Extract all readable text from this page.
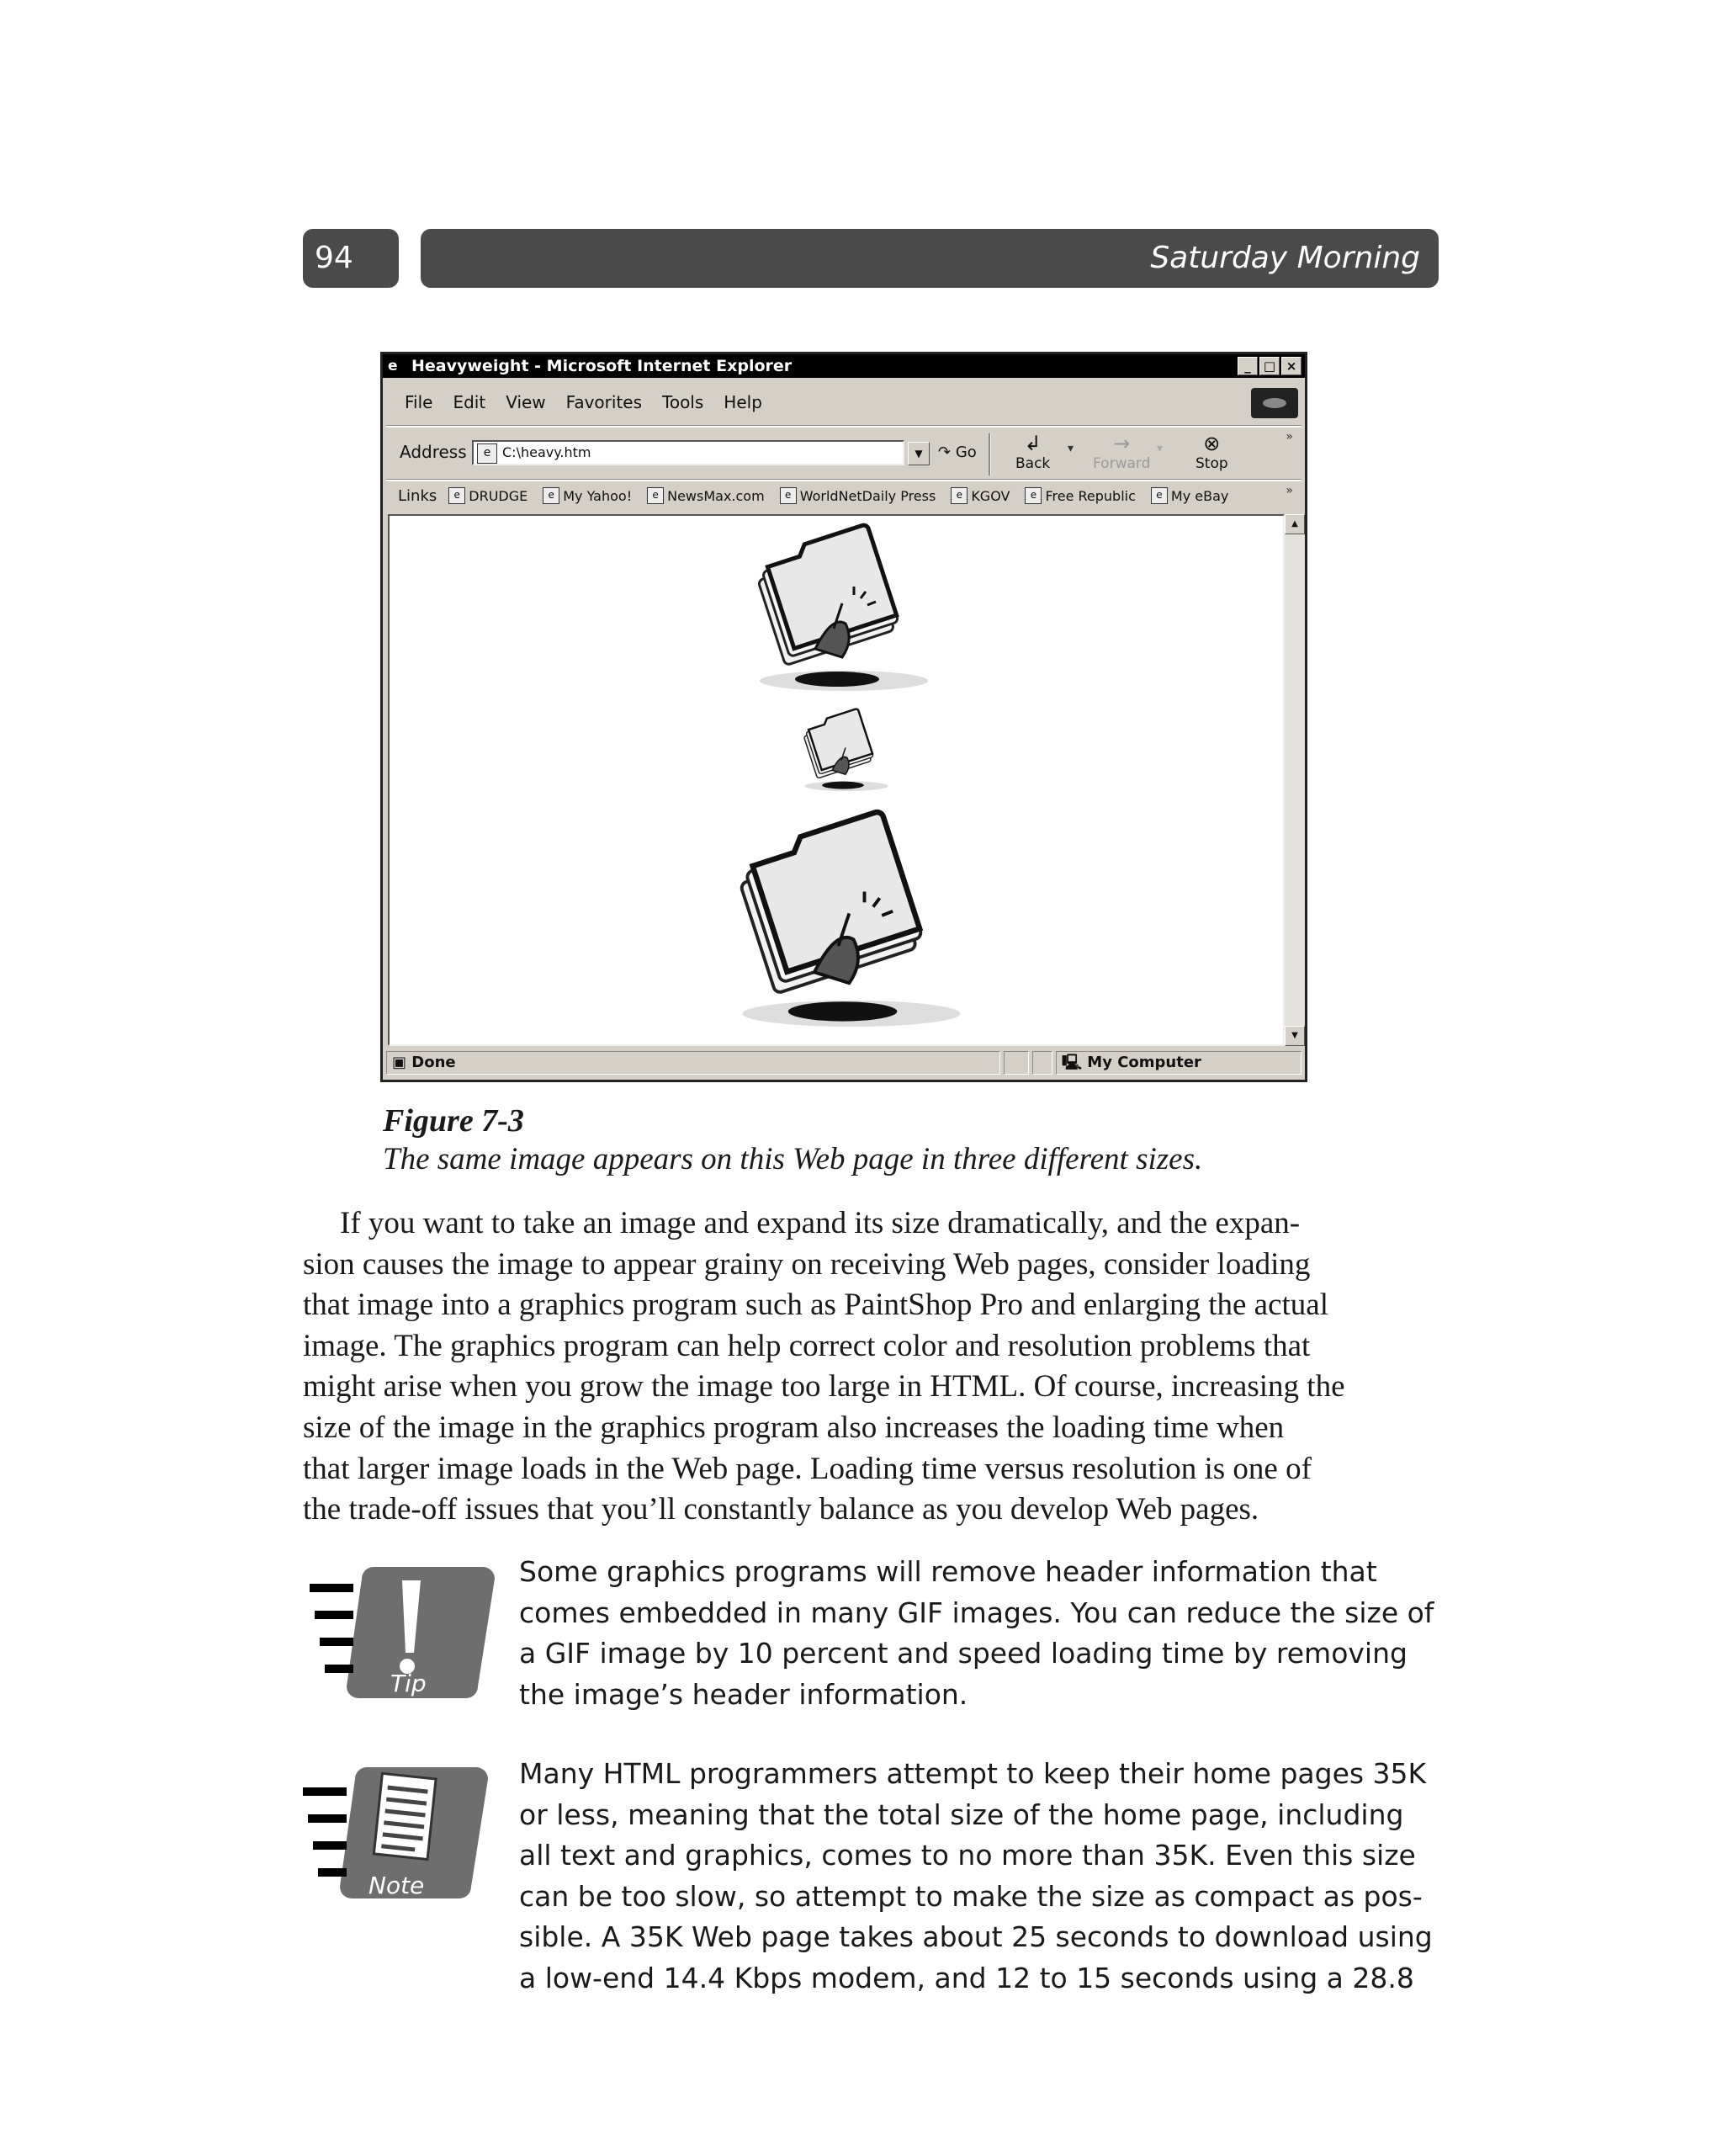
94	Saturday Morning
e Heavyweight - Microsoft Internet Explorer	_	□ ×
File Edit View Favorites Tools Help
Address	e C:\heavy.htm	▼	↷ Go	↲
Back
▾	→
Forward
▾	⊗
Stop
»
Links	e DRUDGE	e My Yahoo!	e NewsMax.com	e WorldNetDaily Press	e KGOV	e Free Republic	e My eBay	»
▲
▼
▣ Done	🖳 My Computer
Figure 7-3
The same image appears on this Web page in three different sizes.

If you want to take an image and expand its size dramatically, and the expan-
sion causes the image to appear grainy on receiving Web pages, consider loading
that image into a graphics program such as PaintShop Pro and enlarging the actual
image. The graphics program can help correct color and resolution problems that
might arise when you grow the image too large in HTML. Of course, increasing the
size of the image in the graphics program also increases the loading time when
that larger image loads in the Web page. Loading time versus resolution is one of
the trade-off issues that you’ll constantly balance as you develop Web pages.

Tip

Some graphics programs will remove header information that
comes embedded in many GIF images. You can reduce the size of
a GIF image by 10 percent and speed loading time by removing
the image’s header information.

Note

Many HTML programmers attempt to keep their home pages 35K
or less, meaning that the total size of the home page, including
all text and graphics, comes to no more than 35K. Even this size
can be too slow, so attempt to make the size as compact as pos-
sible. A 35K Web page takes about 25 seconds to download using
a low-end 14.4 Kbps modem, and 12 to 15 seconds using a 28.8
